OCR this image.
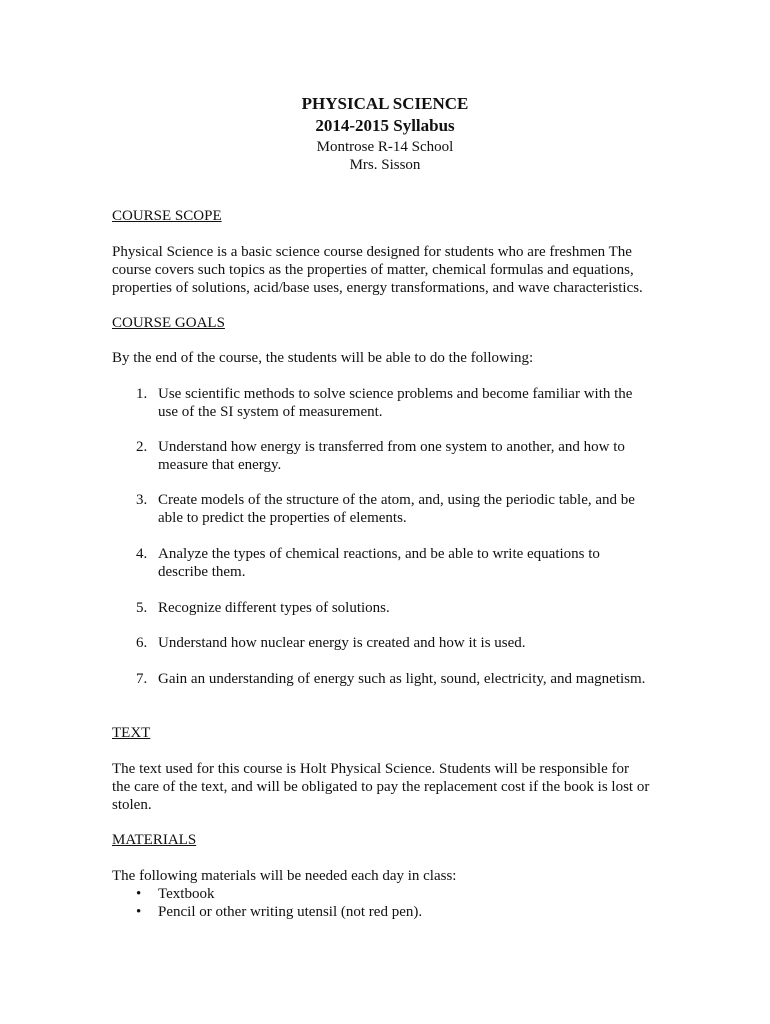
PHYSICAL SCIENCE
2014-2015 Syllabus
Montrose R-14 School
Mrs. Sisson
COURSE SCOPE
Physical Science is a basic science course designed for students who are freshmen The
course covers such topics as the properties of matter, chemical formulas and equations,
properties of solutions, acid/base uses, energy transformations, and wave characteristics.
COURSE GOALS
By the end of the course, the students will be able to do the following:
1. Use scientific methods to solve science problems and become familiar with the
use of the SI system of measurement.
2. Understand how energy is transferred from one system to another, and how to
measure that energy.
3. Create models of the structure of the atom, and, using the periodic table, and be
able to predict the properties of elements.
4. Analyze the types of chemical reactions, and be able to write equations to
describe them.
5. Recognize different types of solutions.
6. Understand how nuclear energy is created and how it is used.
7. Gain an understanding of energy such as light, sound, electricity, and magnetism.
TEXT
The text used for this course is Holt Physical Science. Students will be responsible for
the care of the text, and will be obligated to pay the replacement cost if the book is lost or
stolen.
MATERIALS
The following materials will be needed each day in class:
• Textbook
• Pencil or other writing utensil (not red pen).
